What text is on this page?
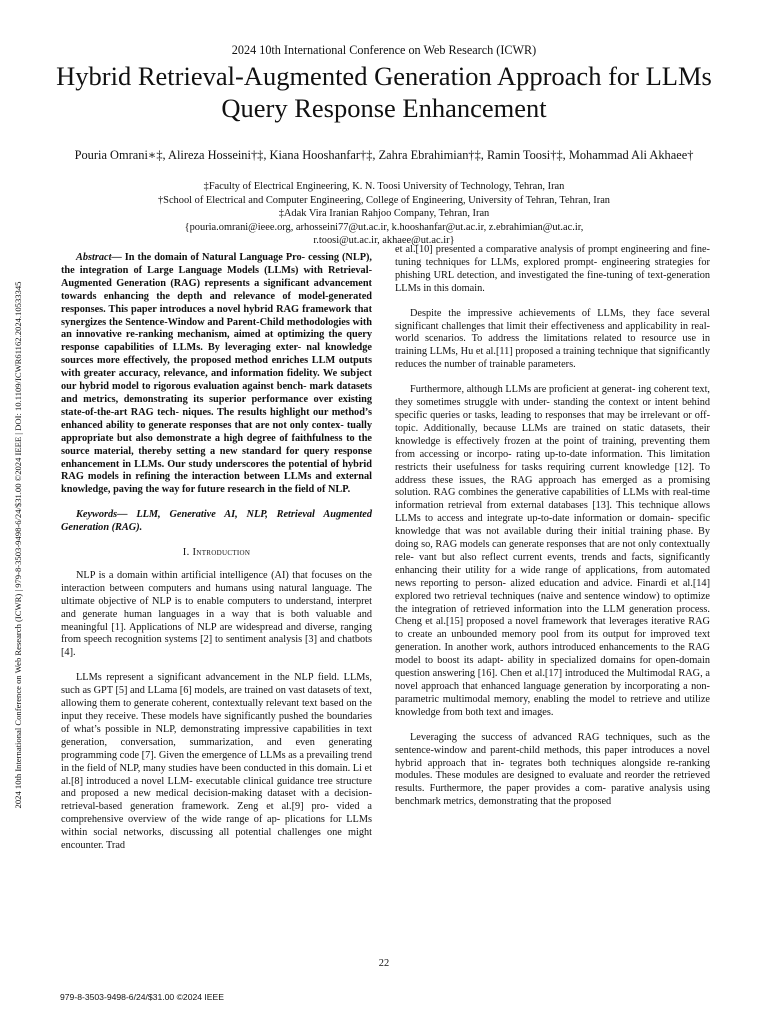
2024 10th International Conference on Web Research (ICWR)
Hybrid Retrieval-Augmented Generation Approach for LLMs Query Response Enhancement
Pouria Omrani∗‡, Alireza Hosseini†‡, Kiana Hooshanfar†‡, Zahra Ebrahimian†‡, Ramin Toosi†‡, Mohammad Ali Akhaee†
‡Faculty of Electrical Engineering, K. N. Toosi University of Technology, Tehran, Iran
†School of Electrical and Computer Engineering, College of Engineering, University of Tehran, Tehran, Iran
‡Adak Vira Iranian Rahjoo Company, Tehran, Iran
{pouria.omrani@ieee.org, arhosseini77@ut.ac.ir, k.hooshanfar@ut.ac.ir, z.ebrahimian@ut.ac.ir,
r.toosi@ut.ac.ir, akhaee@ut.ac.ir}
2024 10th International Conference on Web Research (ICWR) | 979-8-3503-9498-6/24/$31.00 ©2024 IEEE | DOI: 10.1109/ICWR61162.2024.10533345

Abstract— In the domain of Natural Language Pro- cessing (NLP), the integration of Large Language Models (LLMs) with Retrieval-Augmented Generation (RAG) represents a significant advancement towards enhancing the depth and relevance of model-generated responses. This paper introduces a novel hybrid RAG framework that synergizes the Sentence-Window and Parent-Child methodologies with an innovative re-ranking mechanism, aimed at optimizing the query response capabilities of LLMs. By leveraging exter- nal knowledge sources more effectively, the proposed method enriches LLM outputs with greater accuracy, relevance, and information fidelity. We subject our hybrid model to rigorous evaluation against bench- mark datasets and metrics, demonstrating its superior performance over existing state-of-the-art RAG tech- niques. The results highlight our method’s enhanced ability to generate responses that are not only contex- tually appropriate but also demonstrate a high degree of faithfulness to the source material, thereby setting a new standard for query response enhancement in LLMs. Our study underscores the potential of hybrid RAG models in refining the interaction between LLMs and external knowledge, paving the way for future research in the field of NLP.

Keywords— LLM, Generative AI, NLP, Retrieval Augmented Generation (RAG).

I. Introduction

NLP is a domain within artificial intelligence (AI) that focuses on the interaction between computers and humans using natural language. The ultimate objective of NLP is to enable computers to understand, interpret and generate human languages in a way that is both valuable and meaningful [1]. Applications of NLP are widespread and diverse, ranging from speech recognition systems [2] to sentiment analysis [3] and chatbots [4].

LLMs represent a significant advancement in the NLP field. LLMs, such as GPT [5] and LLama [6] models, are trained on vast datasets of text, allowing them to generate coherent, contextually relevant text based on the input they receive. These models have significantly pushed the boundaries of what’s possible in NLP, demonstrating impressive capabilities in text generation, conversation, summarization, and even generating programming code [7]. Given the emergence of LLMs as a prevailing trend in the field of NLP, many studies have been conducted in this domain. Li et al.[8] introduced a novel LLM- executable clinical guidance tree structure and proposed a new medical decision-making dataset with a decision- retrieval-based generation framework. Zeng et al.[9] pro- vided a comprehensive overview of the wide range of ap- plications for LLMs within social networks, discussing all potential challenges one might encounter. Trad

et al.[10] presented a comparative analysis of prompt engineering and fine-tuning techniques for LLMs, explored prompt- engineering strategies for phishing URL detection, and investigated the fine-tuning of text-generation LLMs in this domain.

Despite the impressive achievements of LLMs, they face several significant challenges that limit their effectiveness and applicability in real-world scenarios. To address the limitations related to resource use in training LLMs, Hu et al.[11] proposed a training technique that significantly reduces the number of trainable parameters.

Furthermore, although LLMs are proficient at generat- ing coherent text, they sometimes struggle with under- standing the context or intent behind specific queries or tasks, leading to responses that may be irrelevant or off- topic. Additionally, because LLMs are trained on static datasets, their knowledge is effectively frozen at the point of training, preventing them from accessing or incorpo- rating up-to-date information. This limitation restricts their usefulness for tasks requiring current knowledge [12]. To address these issues, the RAG approach has emerged as a promising solution. RAG combines the generative capabilities of LLMs with real-time information retrieval from external databases [13]. This technique allows LLMs to access and integrate up-to-date information or domain- specific knowledge that was not available during their initial training phase. By doing so, RAG models can generate responses that are not only contextually rele- vant but also reflect current events, trends and facts, significantly enhancing their utility for a wide range of applications, from automated news reporting to person- alized education and advice. Finardi et al.[14] explored two retrieval techniques (naive and sentence window) to optimize the integration of retrieved information into the LLM generation process. Cheng et al.[15] proposed a novel framework that leverages iterative RAG to create an unbounded memory pool from its output for improved text generation. In another work, authors introduced enhancements to the RAG model to boost its adapt- ability in specialized domains for open-domain question answering [16]. Chen et al.[17] introduced the Multimodal RAG, a novel approach that enhanced language generation by incorporating a non-parametric multimodal memory, enabling the model to retrieve and utilize knowledge from both text and images.

Leveraging the success of advanced RAG techniques, such as the sentence-window and parent-child methods, this paper introduces a novel hybrid approach that in- tegrates both techniques alongside re-ranking modules. These modules are designed to evaluate and reorder the retrieved results. Furthermore, the paper provides a com- parative analysis using benchmark metrics, demonstrating that the proposed

22
979-8-3503-9498-6/24/$31.00 ©2024 IEEE
